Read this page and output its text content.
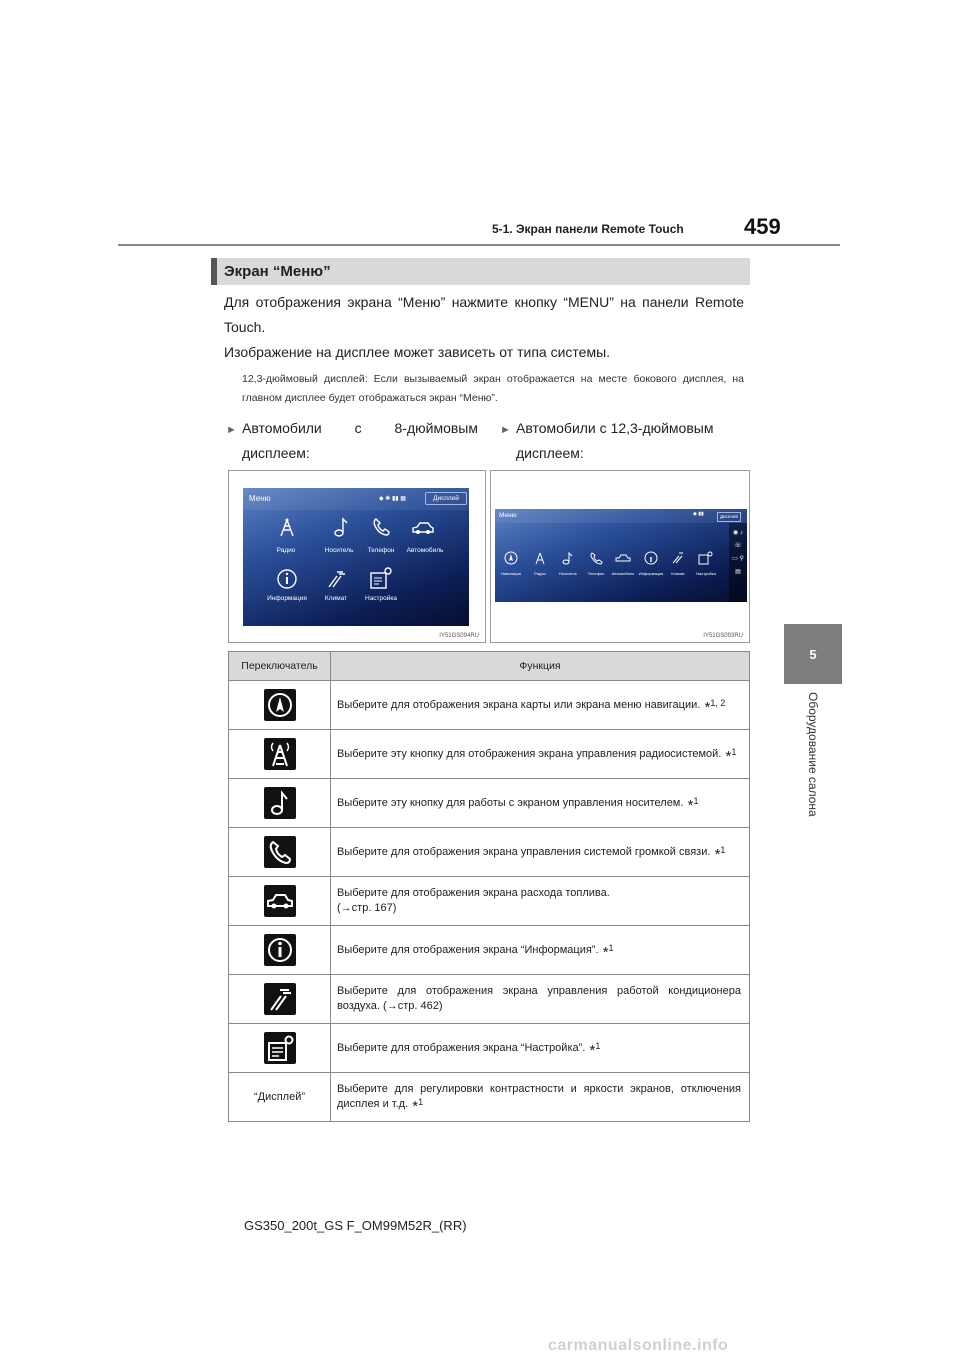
5-1. Экран панели Remote Touch	459
5
Оборудование салона
Экран “Меню”
Для отображения экрана “Меню” нажмите кнопку “MENU” на панели Remote Touch.
Изображение на дисплее может зависеть от типа системы.
12,3-дюймовый дисплей: Если вызываемый экран отображается на месте бокового дисплея, на главном дисплее будет отображаться экран “Меню”.
► Автомобили с 8-дюймовым дисплеем:
► Автомобили с 12,3-дюймовым дисплеем:
Меню	◆ ✱ ▮▮ ▦	Дисплей
Радио	Носитель	Телефон	Автомобиль
Информация	Климат	Настройка
IY51GS094RU
Меню	◆ ▮▮	Дисплей
◉ ♪ ☏ ▭ ⚲ ▤
Навигация	Радио	Носитель	Телефон	Автомобиль	Информация	Климат	Настройка
IY51GS093RU
Переключатель	Функция

	Выберите для отображения экрана карты или экрана меню навигации. *$^{1, 2}$

	Выберите эту кнопку для отображения экрана управления радиосистемой. *$^1$

	Выберите эту кнопку для работы с экраном управления носителем. *$^1$

	Выберите для отображения экрана управления системой громкой связи. *$^1$

	Выберите для отображения экрана расхода топлива.
(→стр. 167)

	Выберите для отображения экрана “Информация”. *$^1$

	Выберите для отображения экрана управления работой кондиционера воздуха. (→стр. 462)

	Выберите для отображения экрана “Настройка”. *$^1$
“Дисплей”	Выберите для регулировки контрастности и яркости экранов, отключения дисплея и т.д. *$^1$
GS350_200t_GS F_OM99M52R_(RR)
carmanualsonline.info
